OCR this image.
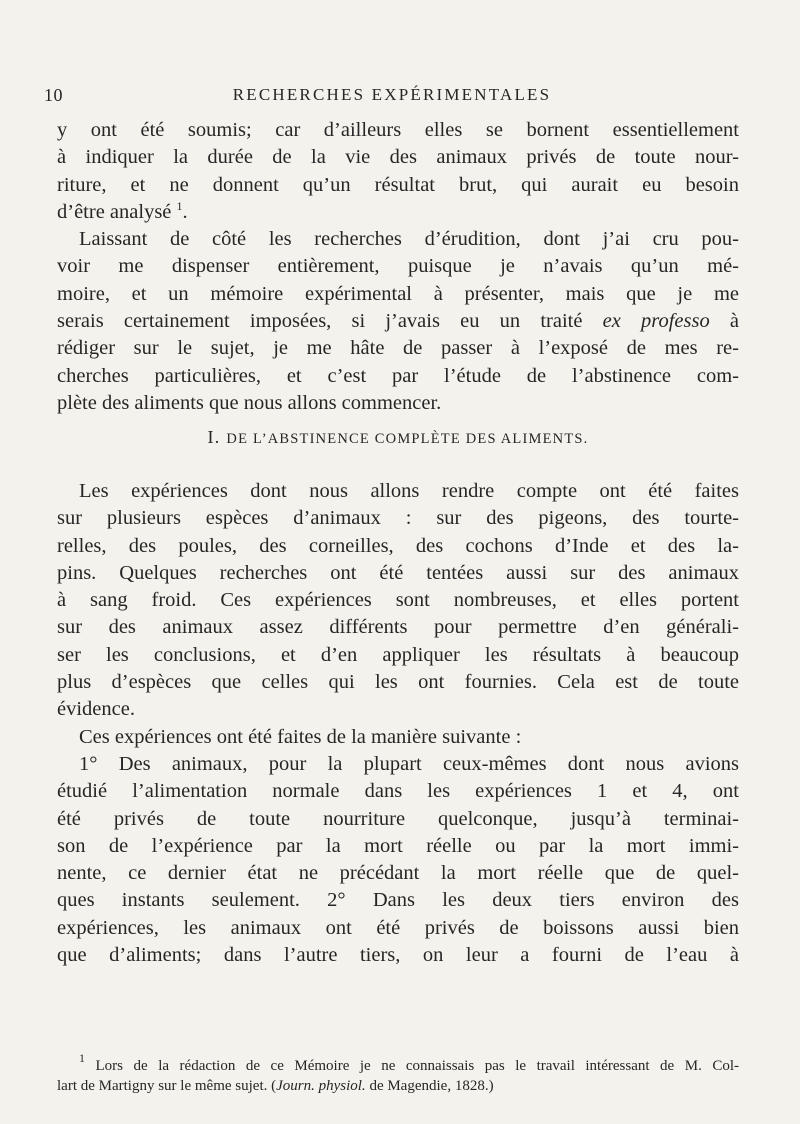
10	RECHERCHES EXPÉRIMENTALES
y ont été soumis; car d’ailleurs elles se bornent essentiellement
à indiquer la durée de la vie des animaux privés de toute nour-
riture, et ne donnent qu’un résultat brut, qui aurait eu besoin
d’être analysé $^1$.
Laissant de côté les recherches d’érudition, dont j’ai cru pou-
voir me dispenser entièrement, puisque je n’avais qu’un mé-
moire, et un mémoire expérimental à présenter, mais que je me
serais certainement imposées, si j’avais eu un traité ex professo à
rédiger sur le sujet, je me hâte de passer à l’exposé de mes re-
cherches particulières, et c’est par l’étude de l’abstinence com-
plète des aliments que nous allons commencer.
I. DE L’ABSTINENCE COMPLÈTE DES ALIMENTS.
Les expériences dont nous allons rendre compte ont été faites
sur plusieurs espèces d’animaux : sur des pigeons, des tourte-
relles, des poules, des corneilles, des cochons d’Inde et des la-
pins. Quelques recherches ont été tentées aussi sur des animaux
à sang froid. Ces expériences sont nombreuses, et elles portent
sur des animaux assez différents pour permettre d’en générali-
ser les conclusions, et d’en appliquer les résultats à beaucoup
plus d’espèces que celles qui les ont fournies. Cela est de toute
évidence.
Ces expériences ont été faites de la manière suivante :
1° Des animaux, pour la plupart ceux-mêmes dont nous avions
étudié l’alimentation normale dans les expériences 1 et 4, ont
été privés de toute nourriture quelconque, jusqu’à terminai-
son de l’expérience par la mort réelle ou par la mort immi-
nente, ce dernier état ne précédant la mort réelle que de quel-
ques instants seulement. 2° Dans les deux tiers environ des
expériences, les animaux ont été privés de boissons aussi bien
que d’aliments; dans l’autre tiers, on leur a fourni de l’eau à
$^1$ Lors de la rédaction de ce Mémoire je ne connaissais pas le travail intéressant de M. Col-
lart de Martigny sur le même sujet. (Journ. physiol. de Magendie, 1828.)
